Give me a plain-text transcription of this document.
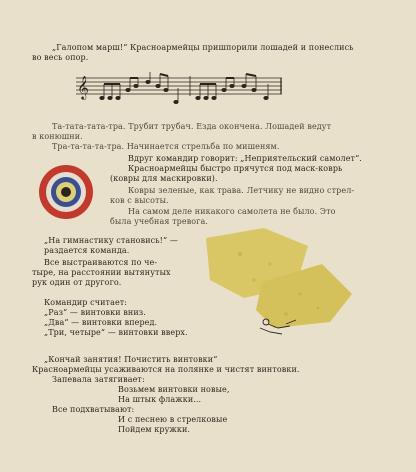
„Галопом марш!“ Красноармейцы пришпорили лошадей и понеслись
во весь опор.
𝄞
Та-тата-тата-тра. Трубит трубач. Езда окончена. Лошадей ведут
в конюшни.
Тра-та-та-та-тра. Начинается стрельба по мишеням.
Вдруг командир говорит: „Неприятельский самолет“.
Красноармейцы быстро прячутся под маск-коврь
(ковры для маскировки).
Ковры зеленые, как трава. Летчику не видно стрел-
ков с высоты.
На самом деле никакого самолета не было. Это
была учебная тревога.
„На гимнастику становись!“ —
раздается команда.
Все выстраиваются по че-
тыре, на расстоянии вытянутых
рук один от другого.
Командир считает:
„Раз“ — винтовки вниз.
„Два“ — винтовки вперед.
„Три, четыре“ — винтовки вверх.
„Кончай занятия! Почистить винтовки“
Красноармейцы усаживаются на полянке и чистят винтовки.
Запевала затягивает:
Возьмем винтовки новые,
На штык флажки...
Все подхватывают:
И с песнею в стрелковые
Пойдем кружки.
